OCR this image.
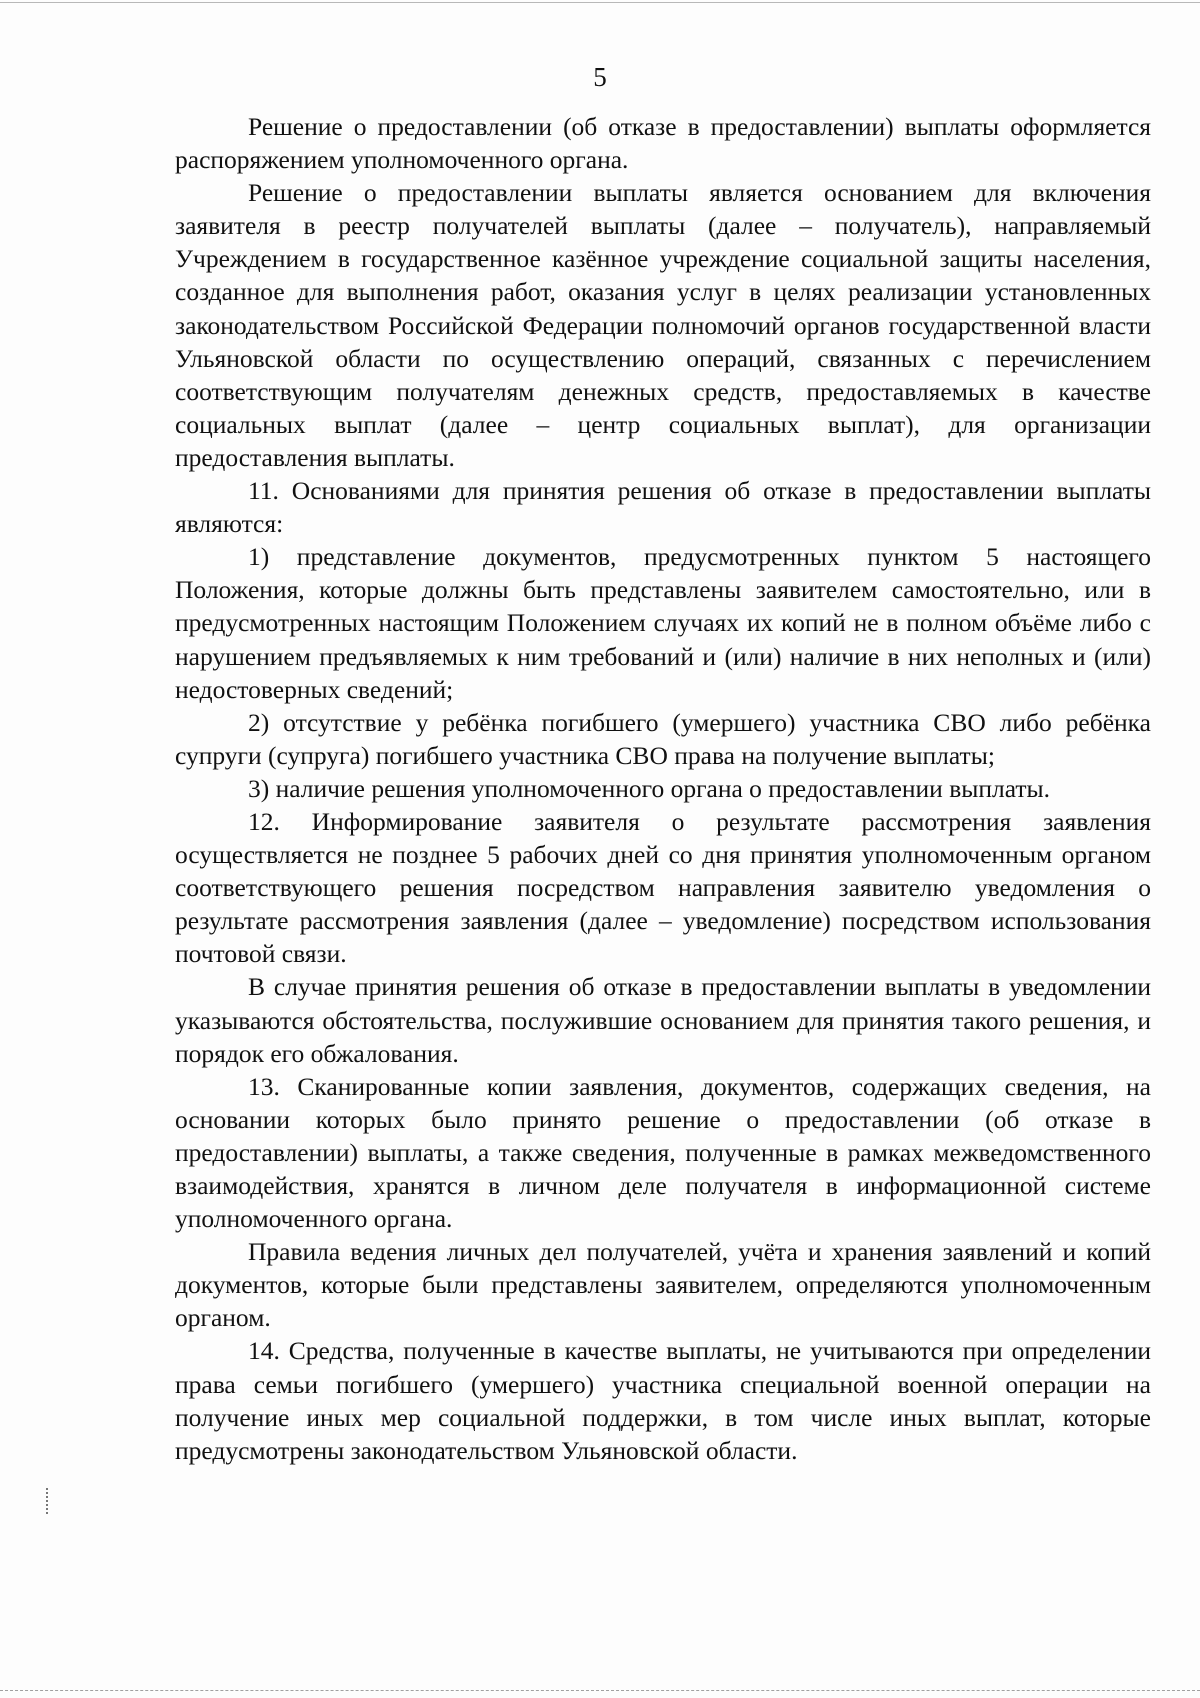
5

Решение о предоставлении (об отказе в предоставлении) выплаты оформляется распоряжением уполномоченного органа.

Решение о предоставлении выплаты является основанием для включения заявителя в реестр получателей выплаты (далее – получатель), направляемый Учреждением в государственное казённое учреждение социальной защиты населения, созданное для выполнения работ, оказания услуг в целях реализации установленных законодательством Российской Федерации полномочий органов государственной власти Ульяновской области по осуществлению операций, связанных с перечислением соответствующим получателям денежных средств, предоставляемых в качестве социальных выплат (далее – центр социальных выплат), для организации предоставления выплаты.

11. Основаниями для принятия решения об отказе в предоставлении выплаты являются:

1) представление документов, предусмотренных пунктом 5 настоящего Положения, которые должны быть представлены заявителем самостоятельно, или в предусмотренных настоящим Положением случаях их копий не в полном объёме либо с нарушением предъявляемых к ним требований и (или) наличие в них неполных и (или) недостоверных сведений;

2) отсутствие у ребёнка погибшего (умершего) участника СВО либо ребёнка супруги (супруга) погибшего участника СВО права на получение выплаты;

3) наличие решения уполномоченного органа о предоставлении выплаты.

12. Информирование заявителя о результате рассмотрения заявления осуществляется не позднее 5 рабочих дней со дня принятия уполномоченным органом соответствующего решения посредством направления заявителю уведомления о результате рассмотрения заявления (далее – уведомление) посредством использования почтовой связи.

В случае принятия решения об отказе в предоставлении выплаты в уведомлении указываются обстоятельства, послужившие основанием для принятия такого решения, и порядок его обжалования.

13. Сканированные копии заявления, документов, содержащих сведения, на основании которых было принято решение о предоставлении (об отказе в предоставлении) выплаты, а также сведения, полученные в рамках межведомственного взаимодействия, хранятся в личном деле получателя в информационной системе уполномоченного органа.

Правила ведения личных дел получателей, учёта и хранения заявлений и копий документов, которые были представлены заявителем, определяются уполномоченным органом.

14. Средства, полученные в качестве выплаты, не учитываются при определении права семьи погибшего (умершего) участника специальной военной операции на получение иных мер социальной поддержки, в том числе иных выплат, которые предусмотрены законодательством Ульяновской области.
